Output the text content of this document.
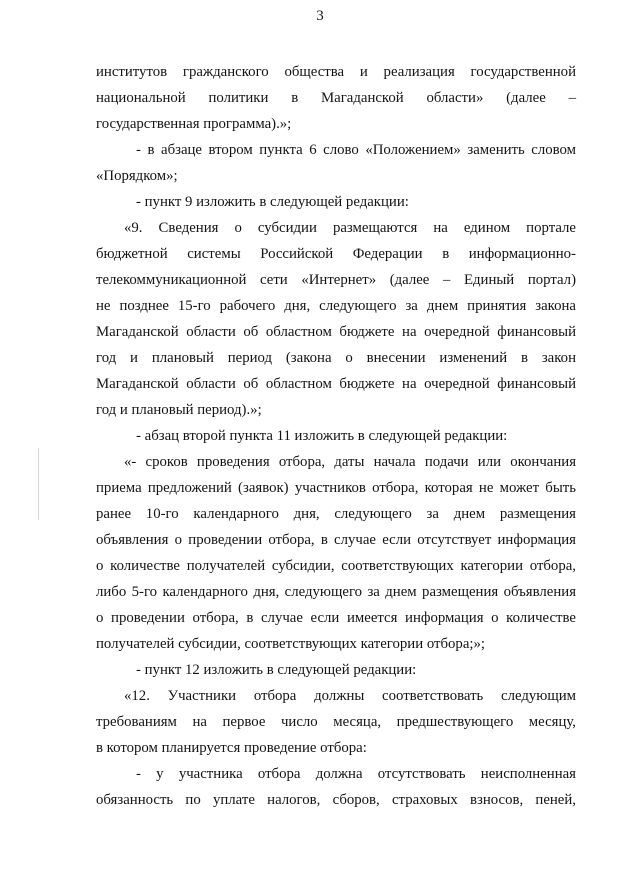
3
институтов гражданского общества и реализация государственной
национальной политики в Магаданской области» (далее –
государственная программа).»;
- в абзаце втором пункта 6 слово «Положением» заменить словом
«Порядком»;
- пункт 9 изложить в следующей редакции:
«9. Сведения о субсидии размещаются на едином портале
бюджетной системы Российской Федерации в информационно-
телекоммуникационной сети «Интернет» (далее – Единый портал)
не позднее 15-го рабочего дня, следующего за днем принятия закона
Магаданской области об областном бюджете на очередной финансовый
год и плановый период (закона о внесении изменений в закон
Магаданской области об областном бюджете на очередной финансовый
год и плановый период).»;
- абзац второй пункта 11 изложить в следующей редакции:
«- сроков проведения отбора, даты начала подачи или окончания
приема предложений (заявок) участников отбора, которая не может быть
ранее 10-го календарного дня, следующего за днем размещения
объявления о проведении отбора, в случае если отсутствует информация
о количестве получателей субсидии, соответствующих категории отбора,
либо 5-го календарного дня, следующего за днем размещения объявления
о проведении отбора, в случае если имеется информация о количестве
получателей субсидии, соответствующих категории отбора;»;
- пункт 12 изложить в следующей редакции:
«12. Участники отбора должны соответствовать следующим
требованиям на первое число месяца, предшествующего месяцу,
в котором планируется проведение отбора:
- у участника отбора должна отсутствовать неисполненная
обязанность по уплате налогов, сборов, страховых взносов, пеней,
